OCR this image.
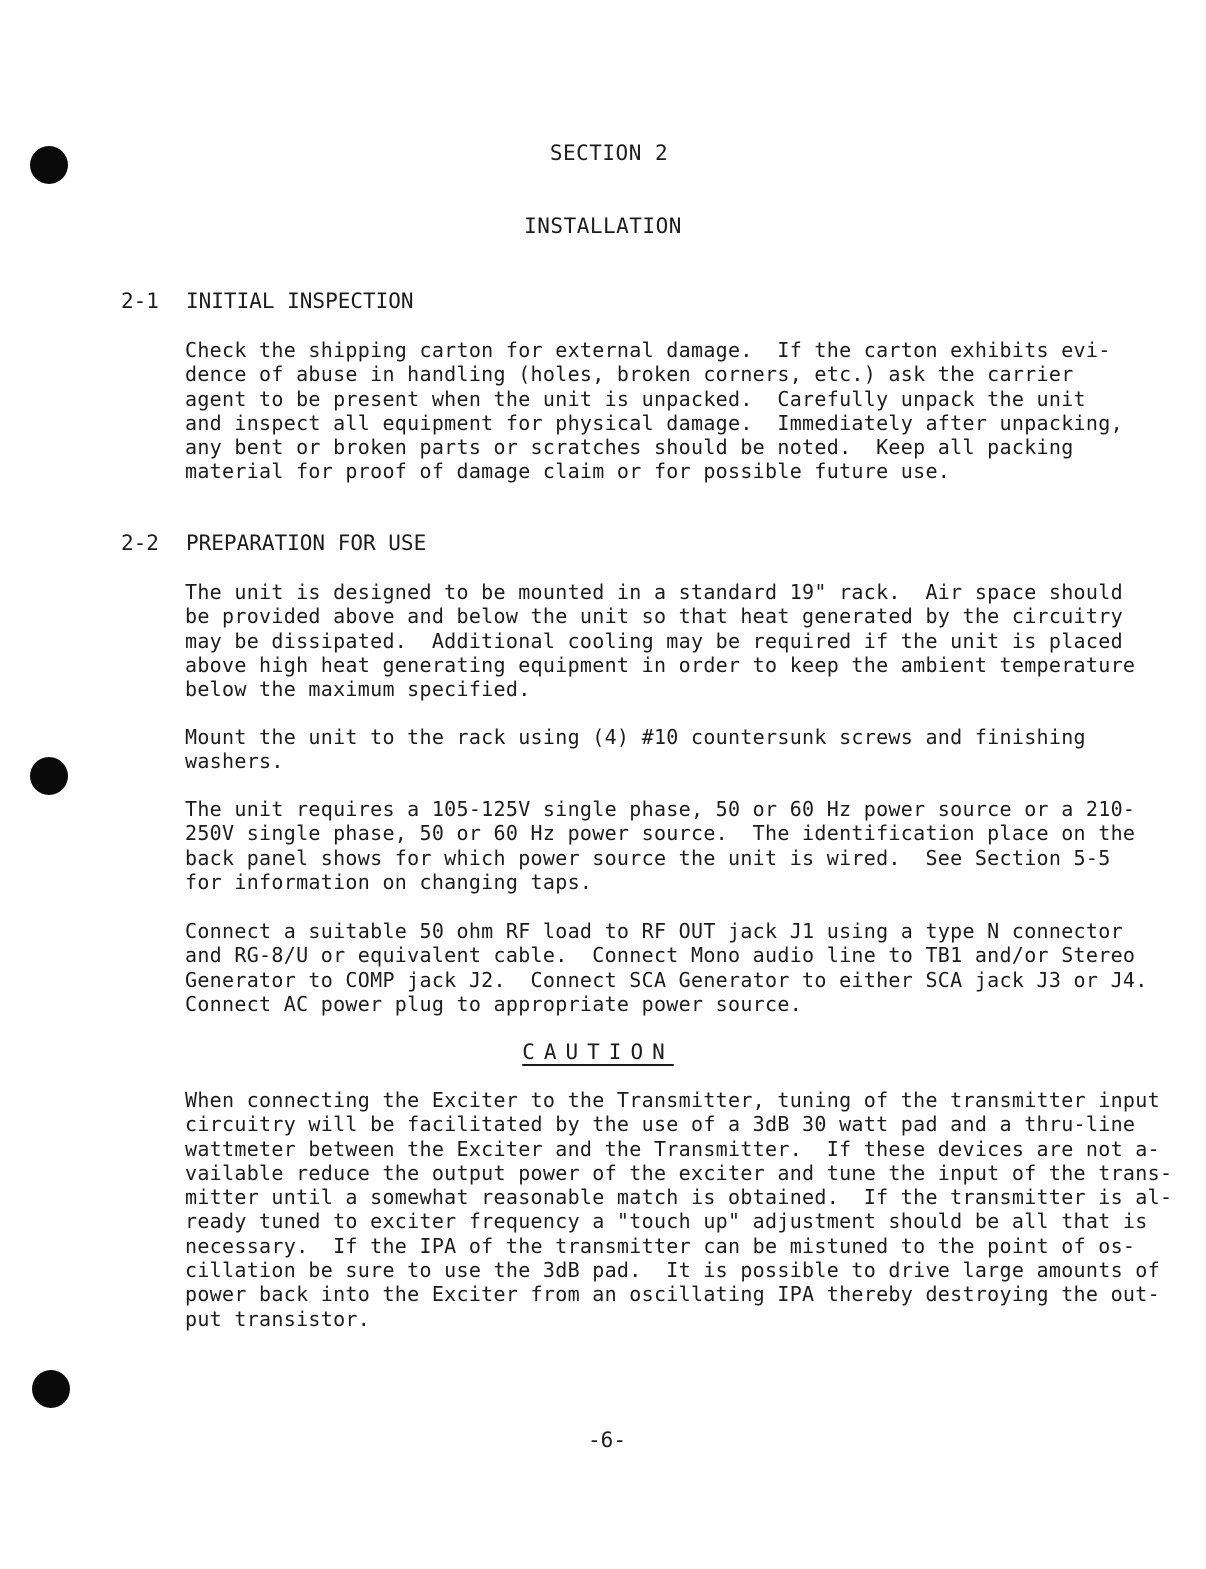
SECTION 2
INSTALLATION
2-1 INITIAL INSPECTION
Check the shipping carton for external damage.  If the carton exhibits evi-
dence of abuse in handling (holes, broken corners, etc.) ask the carrier
agent to be present when the unit is unpacked.  Carefully unpack the unit
and inspect all equipment for physical damage.  Immediately after unpacking,
any bent or broken parts or scratches should be noted.  Keep all packing
material for proof of damage claim or for possible future use.
2-2 PREPARATION FOR USE
The unit is designed to be mounted in a standard 19" rack.  Air space should
be provided above and below the unit so that heat generated by the circuitry
may be dissipated.  Additional cooling may be required if the unit is placed
above high heat generating equipment in order to keep the ambient temperature
below the maximum specified.
Mount the unit to the rack using (4) #10 countersunk screws and finishing
washers.
The unit requires a 105-125V single phase, 50 or 60 Hz power source or a 210-
250V single phase, 50 or 60 Hz power source.  The identification place on the
back panel shows for which power source the unit is wired.  See Section 5-5
for information on changing taps.
Connect a suitable 50 ohm RF load to RF OUT jack J1 using a type N connector
and RG-8/U or equivalent cable.  Connect Mono audio line to TB1 and/or Stereo
Generator to COMP jack J2.  Connect SCA Generator to either SCA jack J3 or J4.
Connect AC power plug to appropriate power source.
CAUTION
When connecting the Exciter to the Transmitter, tuning of the transmitter input
circuitry will be facilitated by the use of a 3dB 30 watt pad and a thru-line
wattmeter between the Exciter and the Transmitter.  If these devices are not a-
vailable reduce the output power of the exciter and tune the input of the trans-
mitter until a somewhat reasonable match is obtained.  If the transmitter is al-
ready tuned to exciter frequency a "touch up" adjustment should be all that is
necessary.  If the IPA of the transmitter can be mistuned to the point of os-
cillation be sure to use the 3dB pad.  It is possible to drive large amounts of
power back into the Exciter from an oscillating IPA thereby destroying the out-
put transistor.
-6-
